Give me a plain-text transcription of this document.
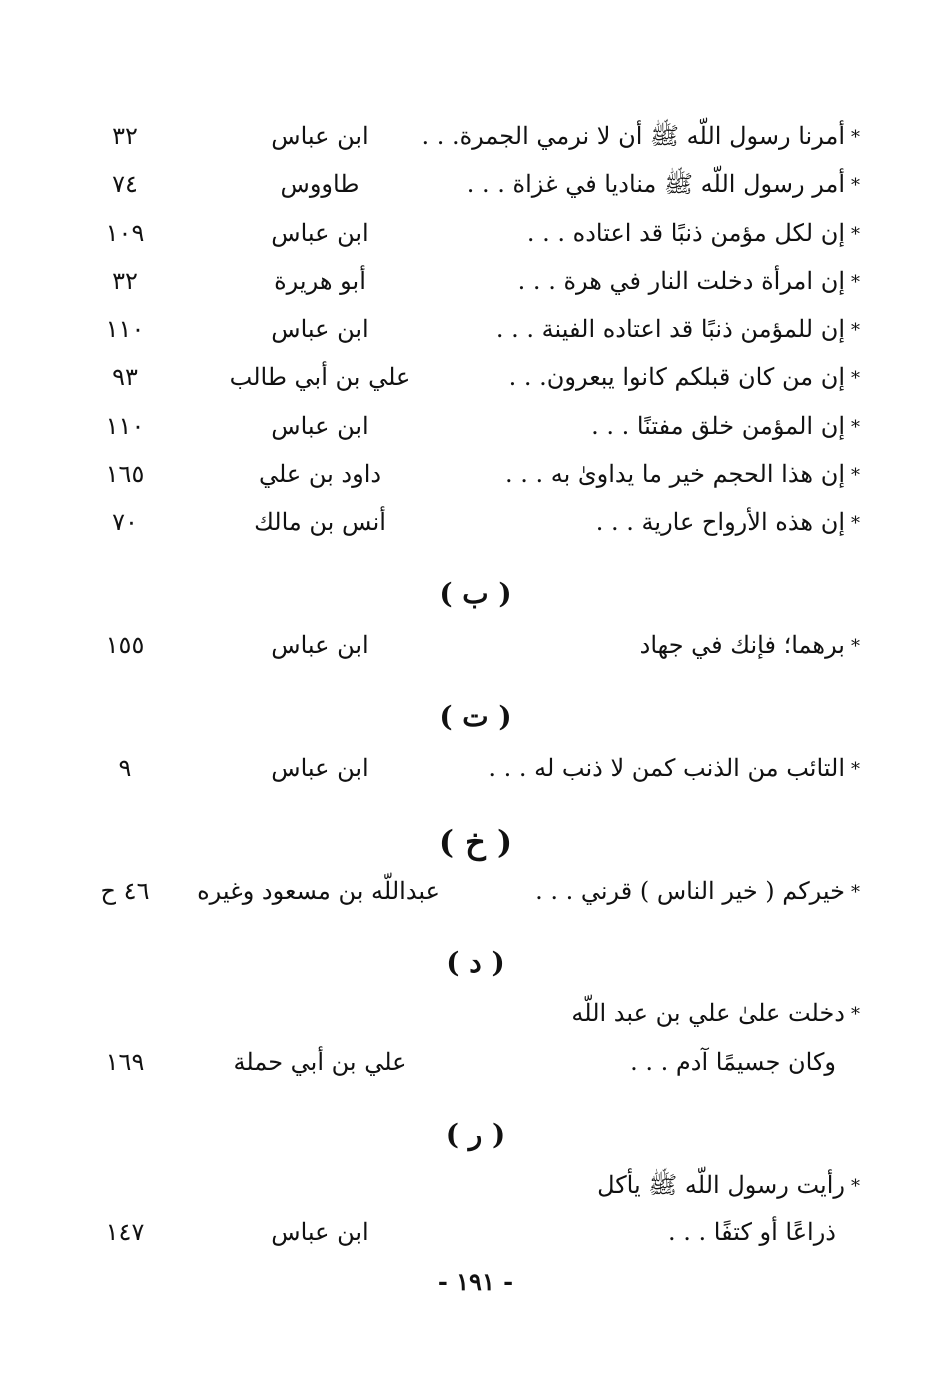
*أمرنا رسول اللّه ﷺ أن لا نرمي الجمرة. . .
ابن عباس
٣٢
*أمر رسول اللّه ﷺ مناديا في غزاة . . .
طاووس
٧٤
*إن لكل مؤمن ذنبًا قد اعتاده . . .
ابن عباس
١٠٩
*إن امرأة دخلت النار في هرة . . .
أبو هريرة
٣٢
*إن للمؤمن ذنبًا قد اعتاده الفينة . . .
ابن عباس
١١٠
*إن من كان قبلكم كانوا يبعرون. . .
علي بن أبي طالب
٩٣
*إن المؤمن خلق مفتنًا . . .
ابن عباس
١١٠
*إن هذا الحجم خير ما يداوىٰ به . . .
داود بن علي
١٦٥
*إن هذه الأرواح عارية . . .
أنس بن مالك
٧٠
( ب )
*برهما؛ فإنك في جهاد
ابن عباس
١٥٥
( ت )
*التائب من الذنب كمن لا ذنب له . . .
ابن عباس
٩
( خ )
*خيركم ( خير الناس ) قرني . . .
عبداللّه بن مسعود وغيره
٤٦ ح
( د )
*دخلت علىٰ علي بن عبد اللّه
وكان جسيمًا آدم . . .
علي بن أبي حملة
١٦٩
( ر )
*رأيت رسول اللّه ﷺ يأكل
ذراعًا أو كتفًا . . .
ابن عباس
١٤٧
- ١٩١ -
